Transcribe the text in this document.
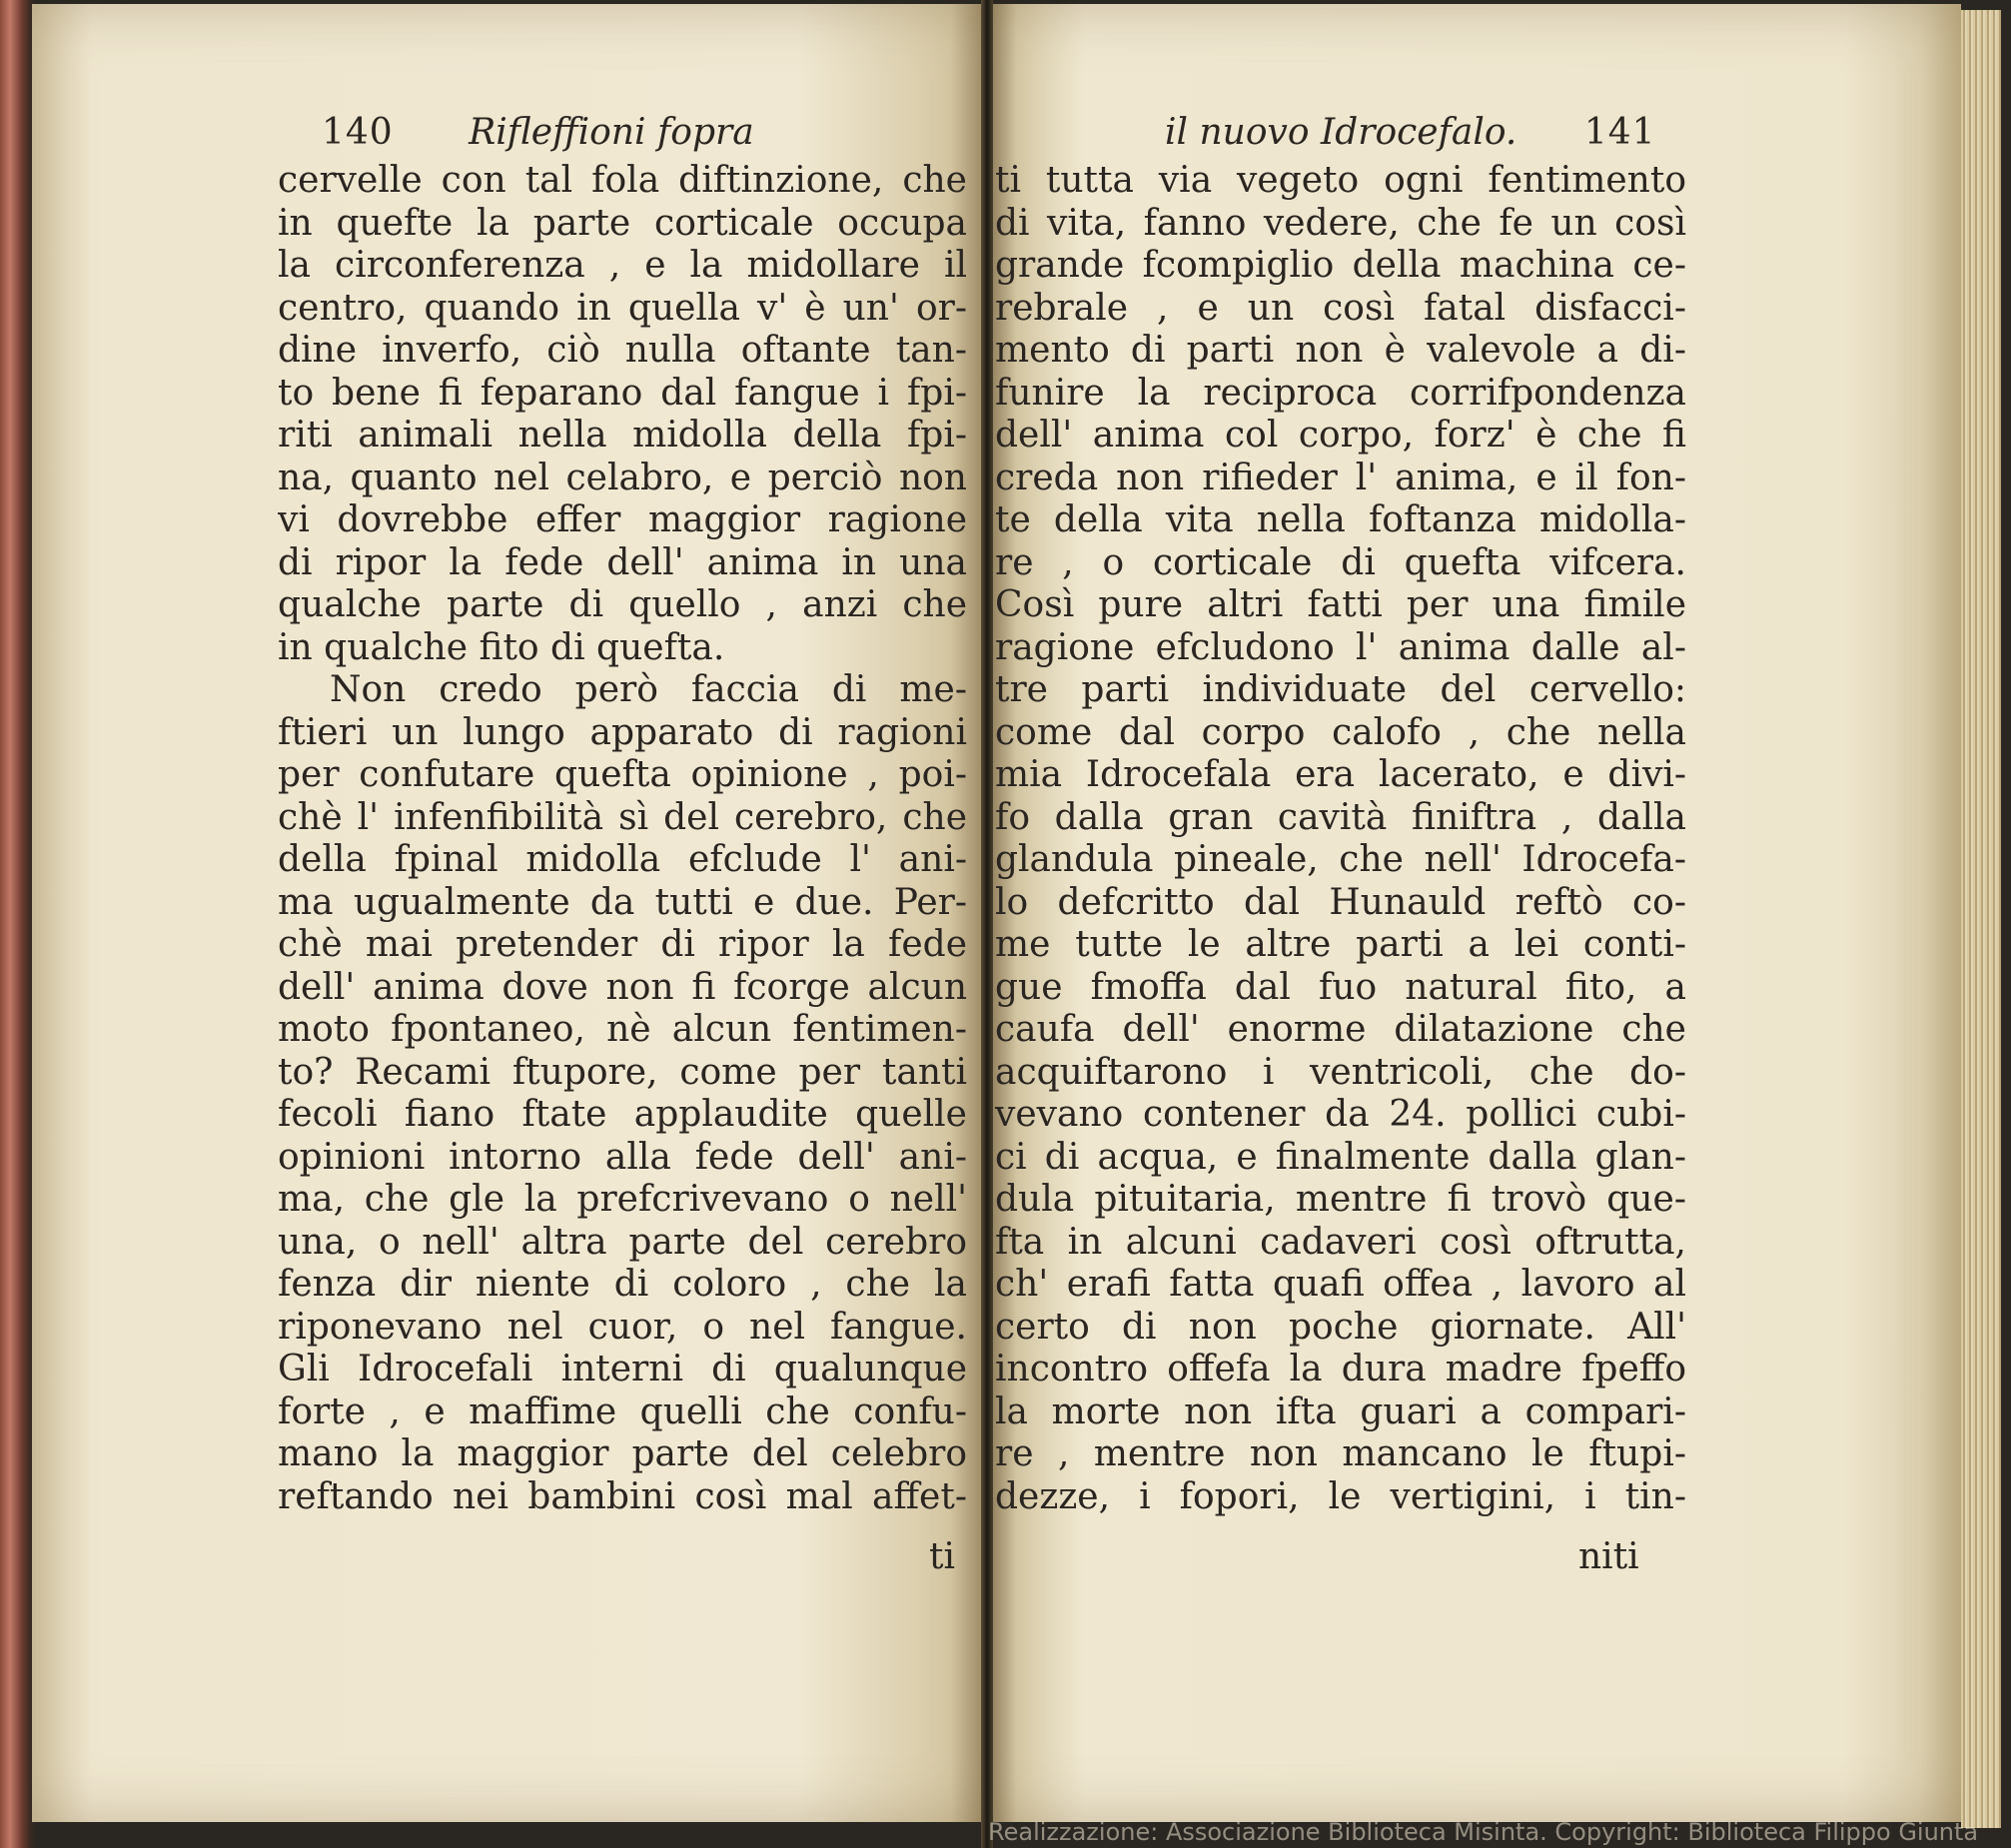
140 Rifleffioni fopra	il nuovo Idrocefalo. 141
cervelle con tal fola diftinzione, che
in quefte la parte corticale occupa
la circonferenza , e la midollare il
centro, quando in quella v' è un' or-
dine inverfo, ciò nulla oftante tan-
to bene fi feparano dal fangue i fpi-
riti animali nella midolla della fpi-
na, quanto nel celabro, e perciò non
vi dovrebbe effer maggior ragione
di ripor la fede dell' anima in una
qualche parte di quello , anzi che
in qualche fito di quefta.
Non credo però faccia di me-
ftieri un lungo apparato di ragioni
per confutare quefta opinione , poi-
chè l' infenfibilità sì del cerebro, che
della fpinal midolla efclude l' ani-
ma ugualmente da tutti e due. Per-
chè mai pretender di ripor la fede
dell' anima dove non fi fcorge alcun
moto fpontaneo, nè alcun fentimen-
to? Recami ftupore, come per tanti
fecoli fiano ftate applaudite quelle
opinioni intorno alla fede dell' ani-
ma, che gle la prefcrivevano o nell'
una, o nell' altra parte del cerebro
fenza dir niente di coloro , che la
riponevano nel cuor, o nel fangue.
Gli Idrocefali interni di qualunque
forte , e maffime quelli che confu-
mano la maggior parte del celebro
reftando nei bambini così mal affet-
ti tutta via vegeto ogni fentimento
di vita, fanno vedere, che fe un così
grande fcompiglio della machina ce-
rebrale , e un così fatal disfacci-
mento di parti non è valevole a di-
funire la reciproca corrifpondenza
dell' anima col corpo, forz' è che fi
creda non rifieder l' anima, e il fon-
te della vita nella foftanza midolla-
re , o corticale di quefta vifcera.
Così pure altri fatti per una fimile
ragione efcludono l' anima dalle al-
tre parti individuate del cervello:
come dal corpo calofo , che nella
mia Idrocefala era lacerato, e divi-
fo dalla gran cavità finiftra , dalla
glandula pineale, che nell' Idrocefa-
lo defcritto dal Hunauld reftò co-
me tutte le altre parti a lei conti-
gue fmoffa dal fuo natural fito, a
caufa dell' enorme dilatazione che
acquiftarono i ventricoli, che do-
vevano contener da 24. pollici cubi-
ci di acqua, e finalmente dalla glan-
dula pituitaria, mentre fi trovò que-
fta in alcuni cadaveri così oftrutta,
ch' erafi fatta quafi offea , lavoro al
certo di non poche giornate. All'
incontro offefa la dura madre fpeffo
la morte non ifta guari a compari-
re , mentre non mancano le ftupi-
dezze, i fopori, le vertigini, i tin-
ti	niti
Realizzazione: Associazione Biblioteca Misinta. Copyright: Biblioteca Filippo Giunta
